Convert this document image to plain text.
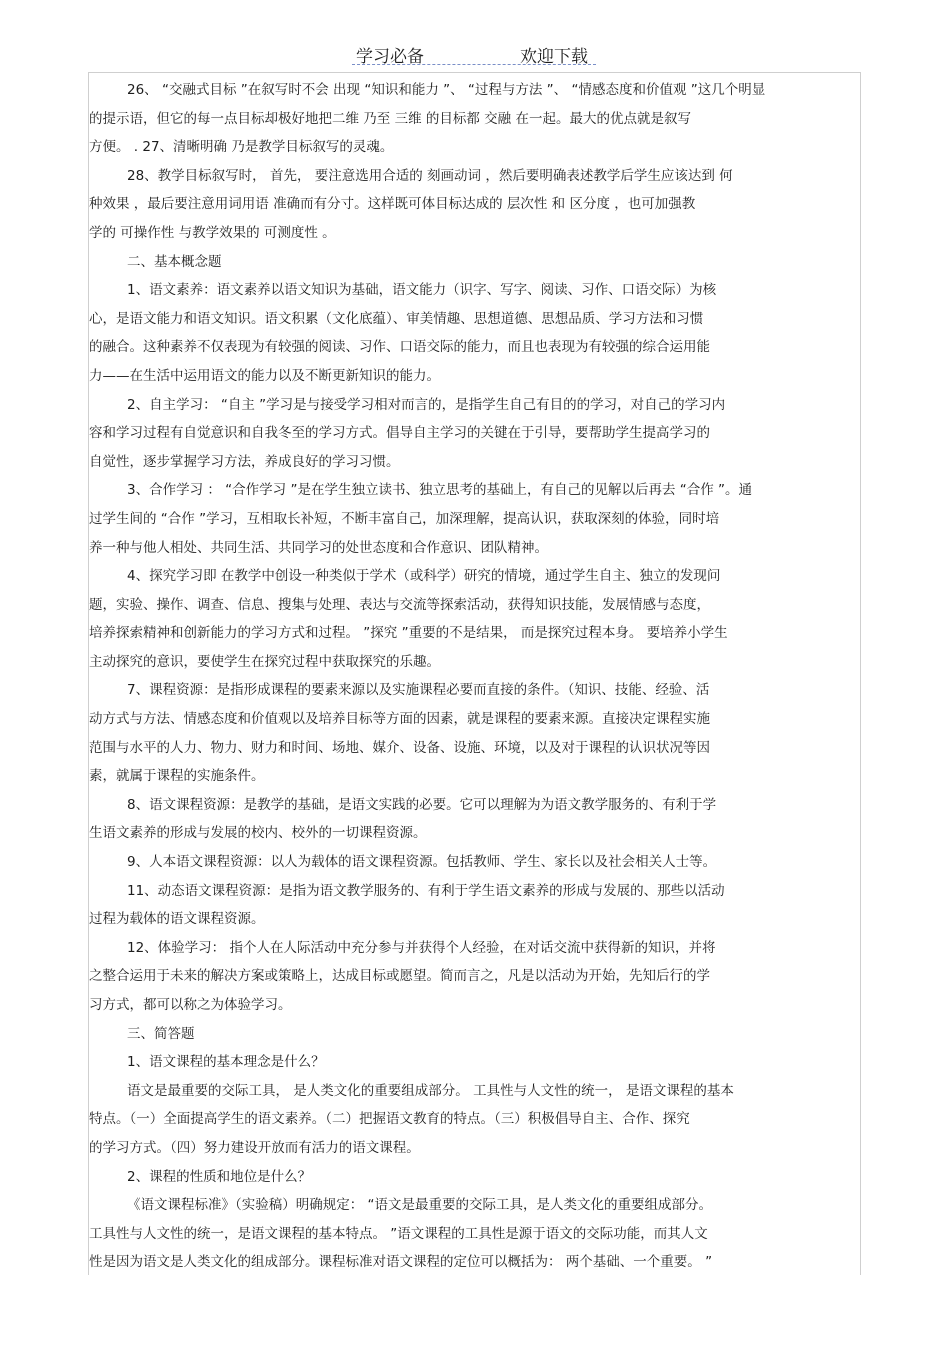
学习必备	欢迎下载
26、 “交融式目标 ”在叙写时不会 出现 “知识和能力 ”、 “过程与方法 ”、 “情感态度和价值观 ”这几个明显
的提示语，但它的每一点目标却极好地把二维 乃至 三维 的目标都 交融 在一起。最大的优点就是叙写
方便。 . 27、清晰明确 乃是教学目标叙写的灵魂。
28、教学目标叙写时， 首先， 要注意选用合适的 刻画动词 ，然后要明确表述教学后学生应该达到 何
种效果 ，最后要注意用词用语 准确而有分寸。这样既可体目标达成的 层次性 和 区分度 ，也可加强教
学的 可操作性 与教学效果的 可测度性 。
二、基本概念题
1、语文素养：语文素养以语文知识为基础，语文能力（识字、写字、阅读、习作、口语交际）为核
心，是语文能力和语文知识。语文积累（文化底蕴）、审美情趣、思想道德、思想品质、学习方法和习惯
的融合。这种素养不仅表现为有较强的阅读、习作、口语交际的能力，而且也表现为有较强的综合运用能
力——在生活中运用语文的能力以及不断更新知识的能力。
2、自主学习： “自主 ”学习是与接受学习相对而言的，是指学生自己有目的的学习，对自己的学习内
容和学习过程有自觉意识和自我冬至的学习方式。倡导自主学习的关键在于引导，要帮助学生提高学习的
自觉性，逐步掌握学习方法，养成良好的学习习惯。
3、合作学习 ： “合作学习 ”是在学生独立读书、独立思考的基础上，有自己的见解以后再去 “合作 ”。通
过学生间的 “合作 ”学习，互相取长补短，不断丰富自己，加深理解，提高认识，获取深刻的体验，同时培
养一种与他人相处、共同生活、共同学习的处世态度和合作意识、团队精神。
4、探究学习即 在教学中创设一种类似于学术（或科学）研究的情境，通过学生自主、独立的发现问
题，实验、操作、调查、信息、搜集与处理、表达与交流等探索活动，获得知识技能，发展情感与态度，
培养探索精神和创新能力的学习方式和过程。 ”探究 ”重要的不是结果， 而是探究过程本身。 要培养小学生
主动探究的意识，要使学生在探究过程中获取探究的乐趣。
7、课程资源：是指形成课程的要素来源以及实施课程必要而直接的条件。（知识、技能、经验、活
动方式与方法、情感态度和价值观以及培养目标等方面的因素，就是课程的要素来源。直接决定课程实施
范围与水平的人力、物力、财力和时间、场地、媒介、设备、设施、环境，以及对于课程的认识状况等因
素，就属于课程的实施条件。
8、语文课程资源：是教学的基础，是语文实践的必要。它可以理解为为语文教学服务的、有利于学
生语文素养的形成与发展的校内、校外的一切课程资源。
9、人本语文课程资源：以人为载体的语文课程资源。包括教师、学生、家长以及社会相关人士等。
11、动态语文课程资源：是指为语文教学服务的、有利于学生语文素养的形成与发展的、那些以活动
过程为载体的语文课程资源。
12、体验学习： 指个人在人际活动中充分参与并获得个人经验，在对话交流中获得新的知识，并将
之整合运用于未来的解决方案或策略上，达成目标或愿望。简而言之，凡是以活动为开始，先知后行的学
习方式，都可以称之为体验学习。
三、简答题
1、语文课程的基本理念是什么？
语文是最重要的交际工具， 是人类文化的重要组成部分。 工具性与人文性的统一， 是语文课程的基本
特点。（一）全面提高学生的语文素养。（二）把握语文教育的特点。（三）积极倡导自主、合作、探究
的学习方式。（四）努力建设开放而有活力的语文课程。
2、课程的性质和地位是什么？
《语文课程标准》（实验稿）明确规定： “语文是最重要的交际工具，是人类文化的重要组成部分。
工具性与人文性的统一，是语文课程的基本特点。 ”语文课程的工具性是源于语文的交际功能，而其人文
性是因为语文是人类文化的组成部分。课程标准对语文课程的定位可以概括为： 两个基础、一个重要。 ”
